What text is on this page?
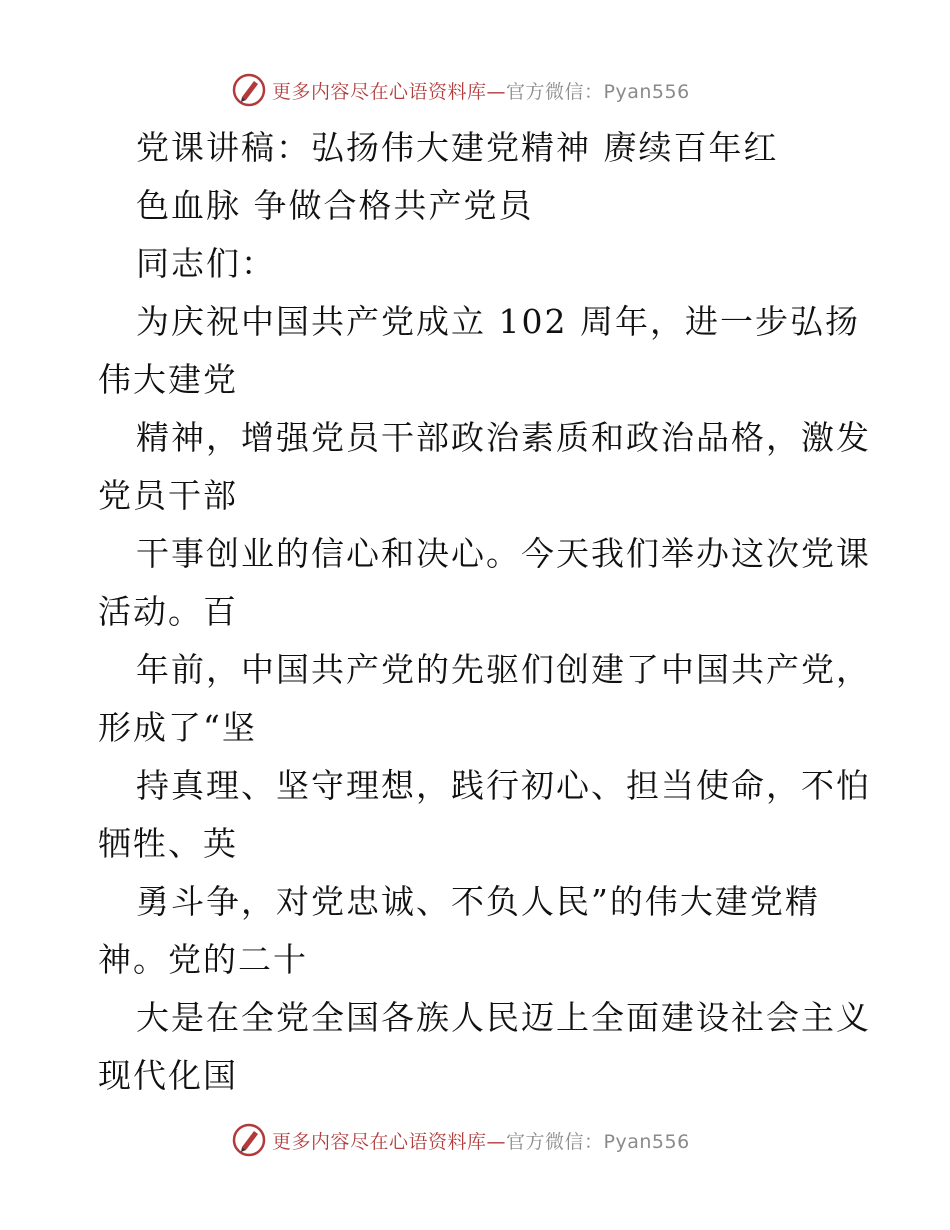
更多内容尽在心语资料库—官方微信：Pyan556
党课讲稿：弘扬伟大建党精神 赓续百年红
色血脉 争做合格共产党员
同志们：
为庆祝中国共产党成立 102 周年，进一步弘扬
伟大建党
精神，增强党员干部政治素质和政治品格，激发
党员干部
干事创业的信心和决心。今天我们举办这次党课
活动。百
年前，中国共产党的先驱们创建了中国共产党，
形成了“坚
持真理、坚守理想，践行初心、担当使命，不怕
牺牲、英
勇斗争，对党忠诚、不负人民”的伟大建党精
神。党的二十
大是在全党全国各族人民迈上全面建设社会主义
现代化国
更多内容尽在心语资料库—官方微信：Pyan556
